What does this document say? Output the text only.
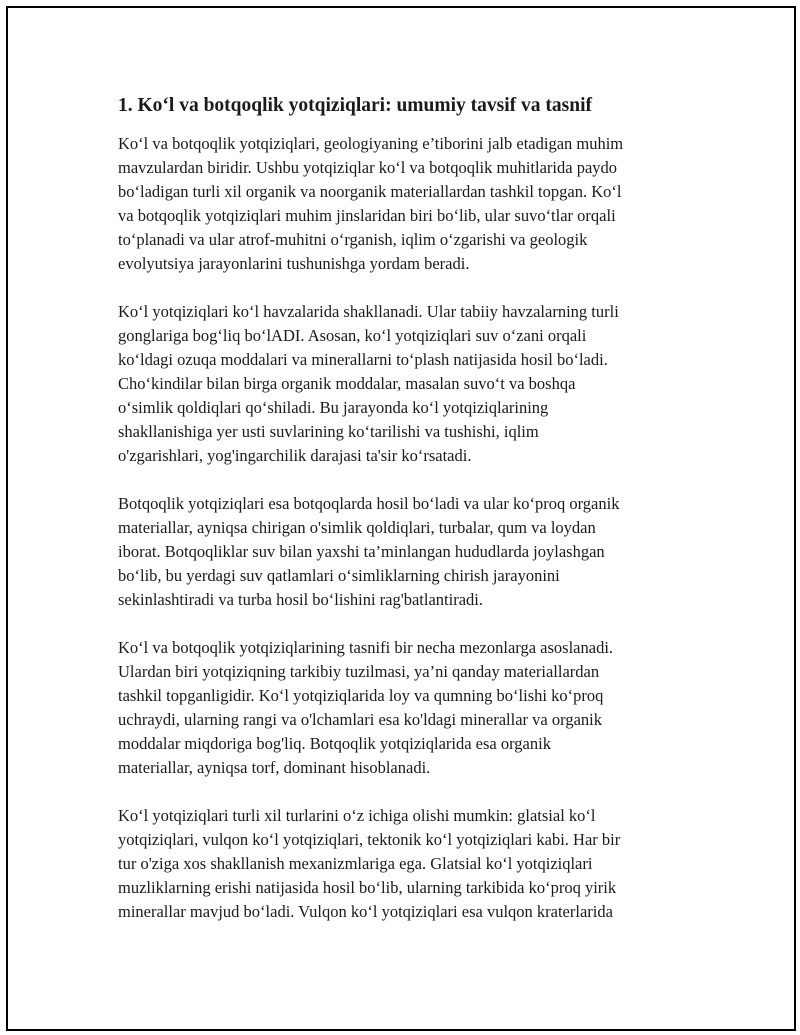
1. Ko‘l va botqoqlik yotqiziqlari: umumiy tavsif va tasnif
Ko‘l va botqoqlik yotqiziqlari, geologiyaning e’tiborini jalb etadigan muhim
mavzulardan biridir. Ushbu yotqiziqlar ko‘l va botqoqlik muhitlarida paydo
bo‘ladigan turli xil organik va noorganik materiallardan tashkil topgan. Ko‘l
va botqoqlik yotqiziqlari muhim jinslaridan biri bo‘lib, ular suvo‘tlar orqali
to‘planadi va ular atrof-muhitni o‘rganish, iqlim o‘zgarishi va geologik
evolyutsiya jarayonlarini tushunishga yordam beradi.
Ko‘l yotqiziqlari ko‘l havzalarida shakllanadi. Ular tabiiy havzalarning turli
gonglariga bog‘liq bo‘lADI. Asosan, ko‘l yotqiziqlari suv o‘zani orqali
ko‘ldagi ozuqa moddalari va minerallarni to‘plash natijasida hosil bo‘ladi.
Cho‘kindilar bilan birga organik moddalar, masalan suvo‘t va boshqa
o‘simlik qoldiqlari qo‘shiladi. Bu jarayonda ko‘l yotqiziqlarining
shakllanishiga yer usti suvlarining ko‘tarilishi va tushishi, iqlim
o'zgarishlari, yog'ingarchilik darajasi ta'sir ko‘rsatadi.
Botqoqlik yotqiziqlari esa botqoqlarda hosil bo‘ladi va ular ko‘proq organik
materiallar, ayniqsa chirigan o'simlik qoldiqlari, turbalar, qum va loydan
iborat. Botqoqliklar suv bilan yaxshi ta’minlangan hududlarda joylashgan
bo‘lib, bu yerdagi suv qatlamlari o‘simliklarning chirish jarayonini
sekinlashtiradi va turba hosil bo‘lishini rag'batlantiradi.
Ko‘l va botqoqlik yotqiziqlarining tasnifi bir necha mezonlarga asoslanadi.
Ulardan biri yotqiziqning tarkibiy tuzilmasi, ya’ni qanday materiallardan
tashkil topganligidir. Ko‘l yotqiziqlarida loy va qumning bo‘lishi ko‘proq
uchraydi, ularning rangi va o'lchamlari esa ko'ldagi minerallar va organik
moddalar miqdoriga bog'liq. Botqoqlik yotqiziqlarida esa organik
materiallar, ayniqsa torf, dominant hisoblanadi.
Ko‘l yotqiziqlari turli xil turlarini o‘z ichiga olishi mumkin: glatsial ko‘l
yotqiziqlari, vulqon ko‘l yotqiziqlari, tektonik ko‘l yotqiziqlari kabi. Har bir
tur o'ziga xos shakllanish mexanizmlariga ega. Glatsial ko‘l yotqiziqlari
muzliklarning erishi natijasida hosil bo‘lib, ularning tarkibida ko‘proq yirik
minerallar mavjud bo‘ladi. Vulqon ko‘l yotqiziqlari esa vulqon kraterlarida
